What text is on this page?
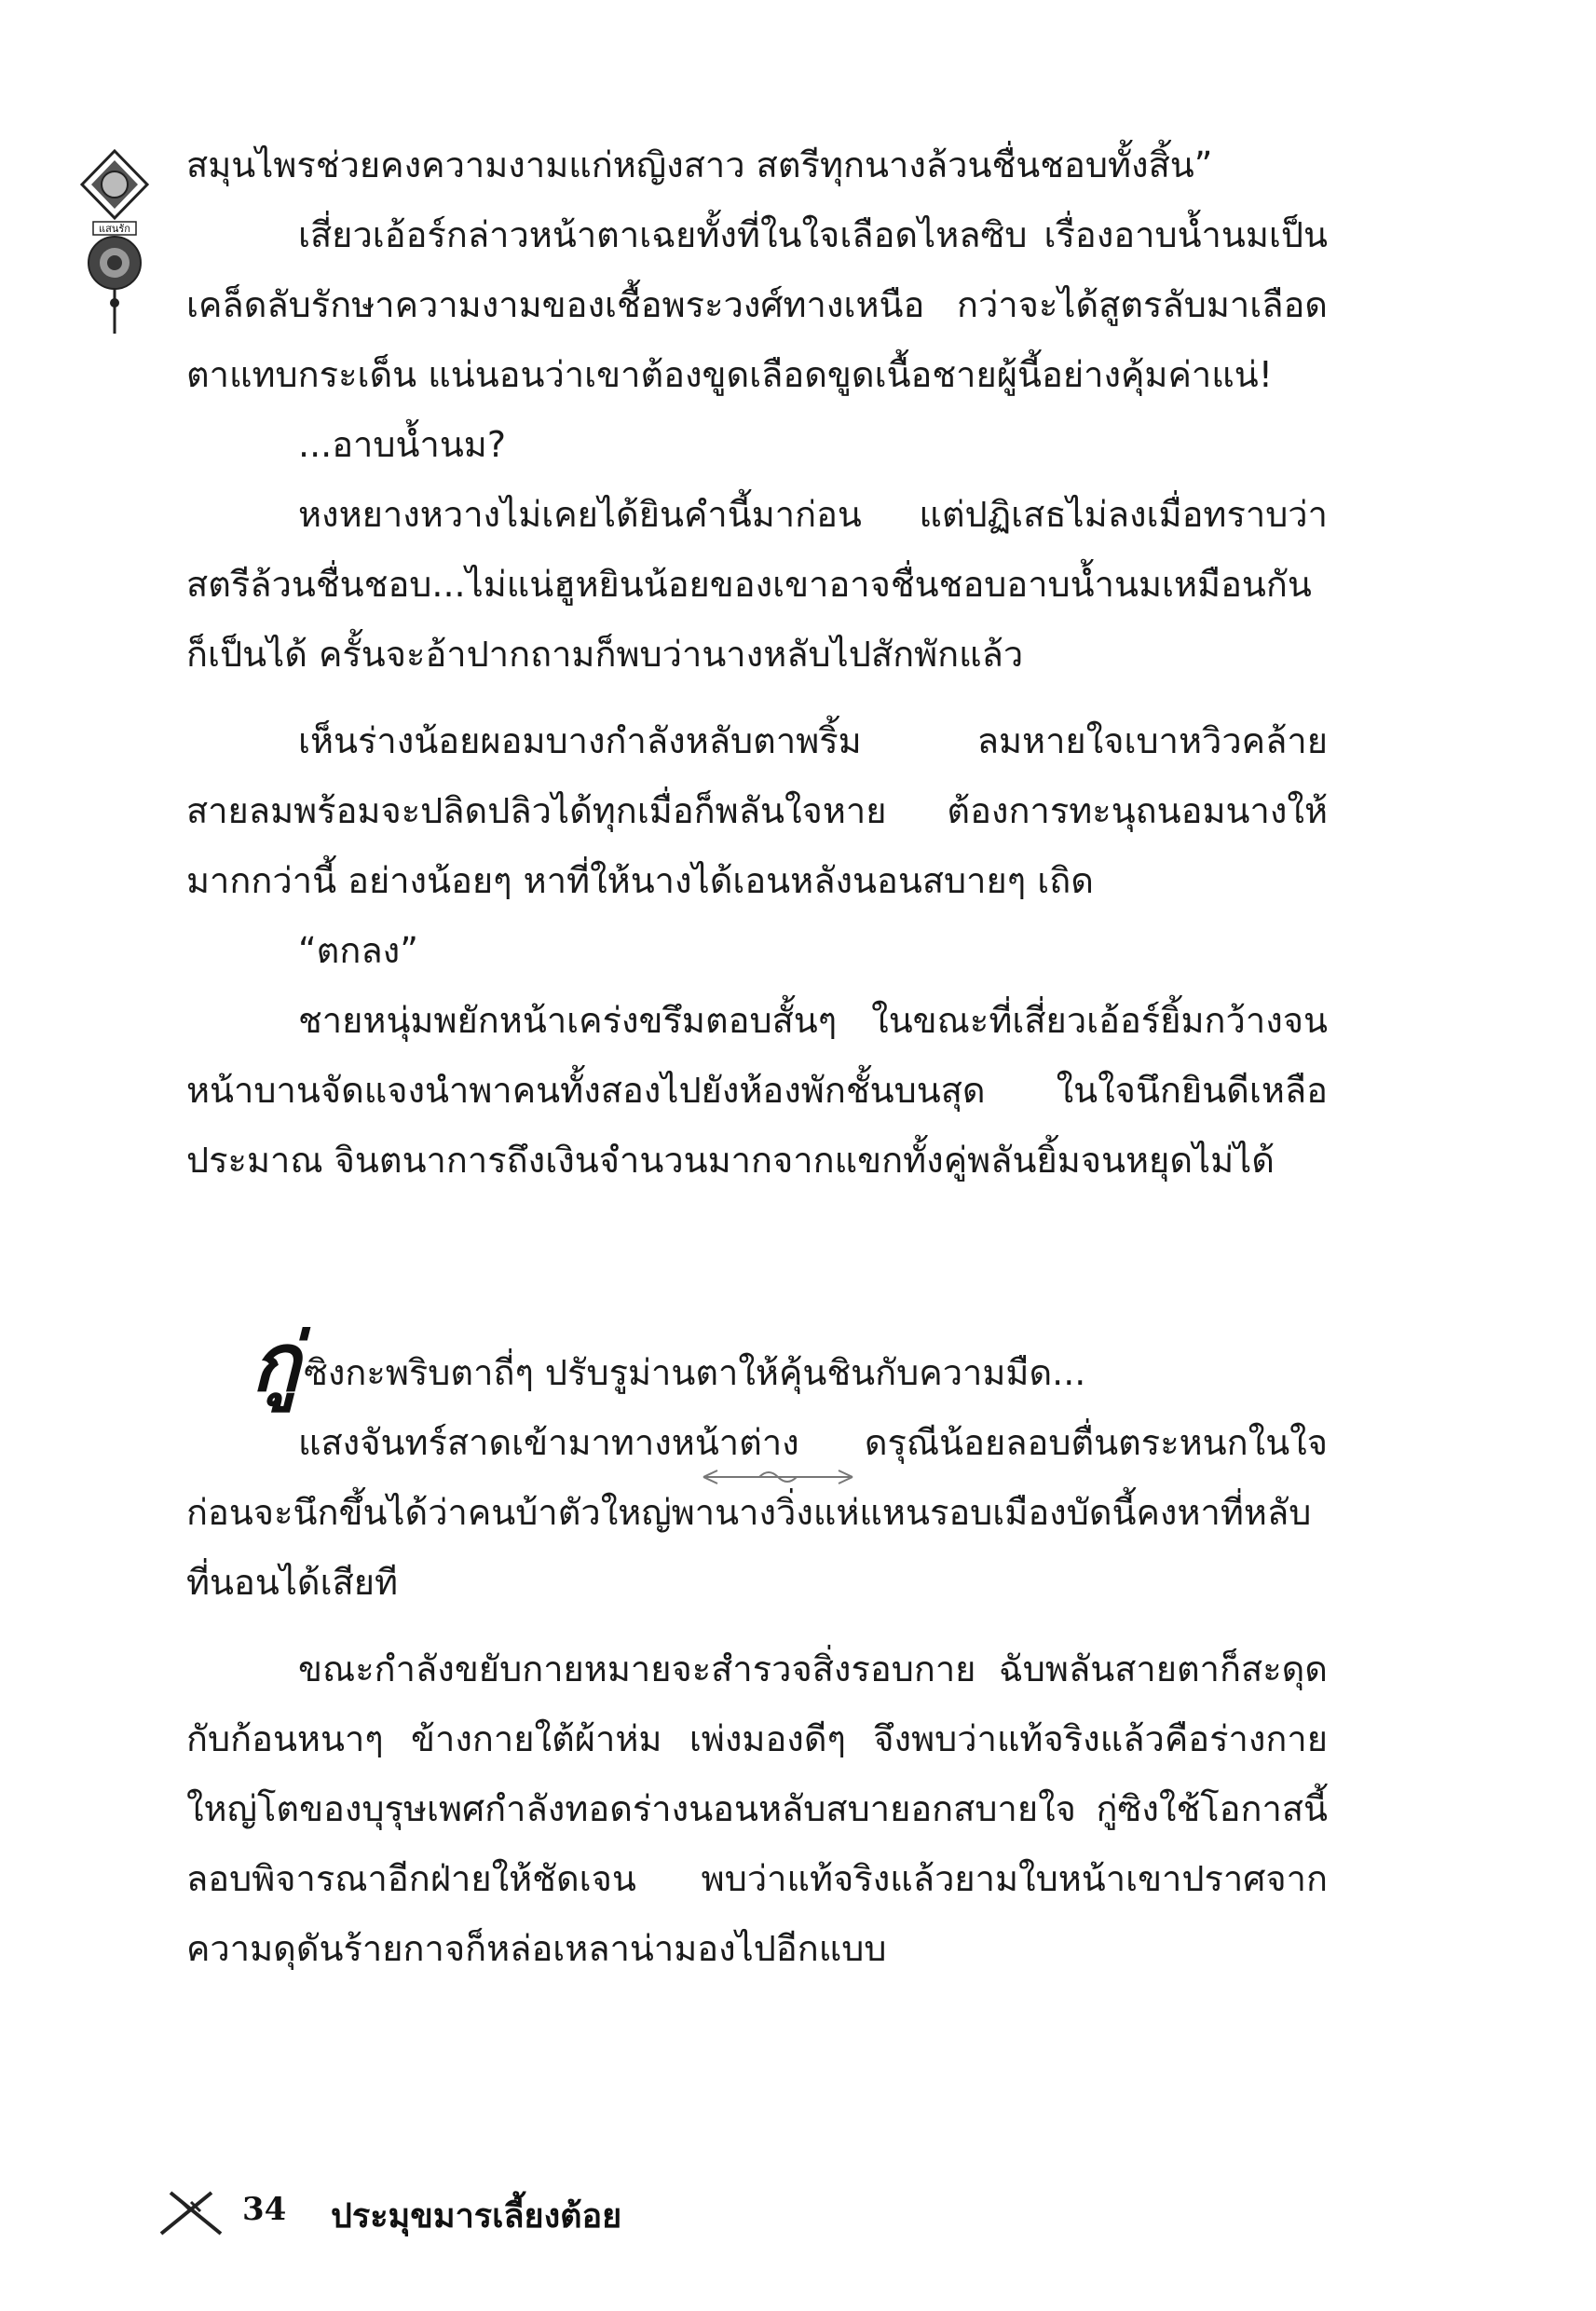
แสนรัก

สมุนไพรช่วยคงความงามแก่หญิงสาว สตรีทุกนางล้วนชื่นชอบทั้งสิ้น”

เสี่ยวเอ้อร์กล่าวหน้าตาเฉยทั้งที่ในใจเลือดไหลซิบ เรื่องอาบน้ำนมเป็นเคล็ดลับรักษาความงามของเชื้อพระวงศ์ทางเหนือ กว่าจะได้สูตรลับมาเลือดตาแทบกระเด็น แน่นอนว่าเขาต้องขูดเลือดขูดเนื้อชายผู้นี้อย่างคุ้มค่าแน่!

...อาบน้ำนม?

หงหยางหวางไม่เคยได้ยินคำนี้มาก่อน แต่ปฏิเสธไม่ลงเมื่อทราบว่าสตรีล้วนชื่นชอบ...ไม่แน่ฮูหยินน้อยของเขาอาจชื่นชอบอาบน้ำนมเหมือนกันก็เป็นได้ ครั้นจะอ้าปากถามก็พบว่านางหลับไปสักพักแล้ว

เห็นร่างน้อยผอมบางกำลังหลับตาพริ้ม ลมหายใจเบาหวิวคล้ายสายลมพร้อมจะปลิดปลิวได้ทุกเมื่อก็พลันใจหาย ต้องการทะนุถนอมนางให้มากกว่านี้ อย่างน้อยๆ หาที่ให้นางได้เอนหลังนอนสบายๆ เถิด

“ตกลง”

ชายหนุ่มพยักหน้าเคร่งขรึมตอบสั้นๆ ในขณะที่เสี่ยวเอ้อร์ยิ้มกว้างจนหน้าบานจัดแจงนำพาคนทั้งสองไปยังห้องพักชั้นบนสุด ในใจนึกยินดีเหลือประมาณ จินตนาการถึงเงินจำนวนมากจากแขกทั้งคู่พลันยิ้มจนหยุดไม่ได้

กู่ซิงกะพริบตาถี่ๆ ปรับรูม่านตาให้คุ้นชินกับความมืด...

แสงจันทร์สาดเข้ามาทางหน้าต่าง ดรุณีน้อยลอบตื่นตระหนกในใจก่อนจะนึกขึ้นได้ว่าคนบ้าตัวใหญ่พานางวิ่งแห่แหนรอบเมืองบัดนี้คงหาที่หลับที่นอนได้เสียที

ขณะกำลังขยับกายหมายจะสำรวจสิ่งรอบกาย ฉับพลันสายตาก็สะดุดกับก้อนหนาๆ ข้างกายใต้ผ้าห่ม เพ่งมองดีๆ จึงพบว่าแท้จริงแล้วคือร่างกายใหญ่โตของบุรุษเพศกำลังทอดร่างนอนหลับสบายอกสบายใจ กู่ซิงใช้โอกาสนี้ลอบพิจารณาอีกฝ่ายให้ชัดเจน พบว่าแท้จริงแล้วยามใบหน้าเขาปราศจากความดุดันร้ายกาจก็หล่อเหลาน่ามองไปอีกแบบ

34 ประมุขมารเลี้ยงต้อย
